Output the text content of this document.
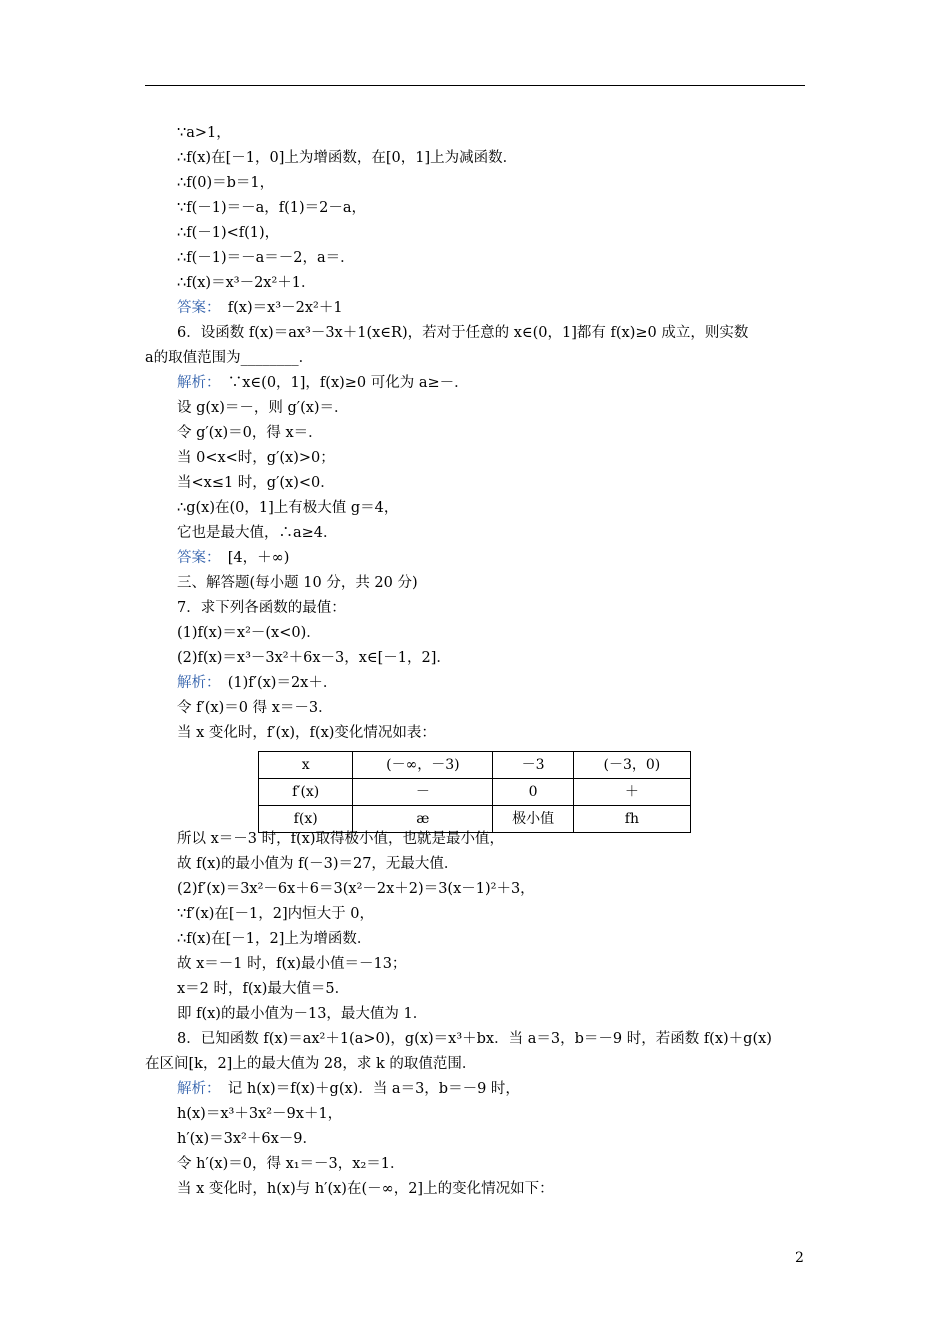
∵a>1，
∴f(x)在[－1，0]上为增函数，在[0，1]上为减函数．
∴f(0)＝b＝1，
∵f(－1)＝－a，f(1)＝2－a，
∴f(－1)<f(1)，
∴f(－1)＝－a＝－2，a＝．
∴f(x)＝x³－2x²＋1．
答案：　f(x)＝x³－2x²＋1
6．设函数 f(x)＝ax³－3x＋1(x∈R)，若对于任意的 x∈(0，1]都有 f(x)≥0 成立，则实数
a的取值范围为________．
解析：　∵x∈(0，1]，f(x)≥0 可化为 a≥－．
设 g(x)＝－，则 g′(x)＝．
令 g′(x)＝0，得 x＝．
当 0<x<时，g′(x)>0；
当<x≤1 时，g′(x)<0．
∴g(x)在(0，1]上有极大值 g＝4，
它也是最大值，∴a≥4．
答案：　[4，＋∞)
三、解答题(每小题 10 分，共 20 分)
7．求下列各函数的最值：
(1)f(x)＝x²－(x<0)．
(2)f(x)＝x³－3x²＋6x－3，x∈[－1，2]．
解析：　(1)f′(x)＝2x＋．
令 f′(x)＝0 得 x＝－3．
当 x 变化时，f′(x)，f(x)变化情况如表：
所以 x＝－3 时，f(x)取得极小值，也就是最小值，
故 f(x)的最小值为 f(－3)＝27，无最大值．
(2)f′(x)＝3x²－6x＋6＝3(x²－2x＋2)＝3(x－1)²＋3，
∵f′(x)在[－1，2]内恒大于 0，
∴f(x)在[－1，2]上为增函数．
故 x＝－1 时，f(x)最小值＝－13；
x＝2 时，f(x)最大值＝5．
即 f(x)的最小值为－13，最大值为 1．
8．已知函数 f(x)＝ax²＋1(a>0)，g(x)＝x³＋bx．当 a＝3，b＝－9 时，若函数 f(x)＋g(x)
在区间[k，2]上的最大值为 28，求 k 的取值范围．
解析：　记 h(x)＝f(x)＋g(x)．当 a＝3，b＝－9 时，
h(x)＝x³＋3x²－9x＋1，
h′(x)＝3x²＋6x－9．
令 h′(x)＝0，得 x₁＝－3，x₂＝1．
当 x 变化时，h(x)与 h′(x)在(－∞，2]上的变化情况如下：
x	(－∞，－3)	－3	(－3，0)
f′(x)	－	0	＋
f(x)	æ	极小值	fh
2
